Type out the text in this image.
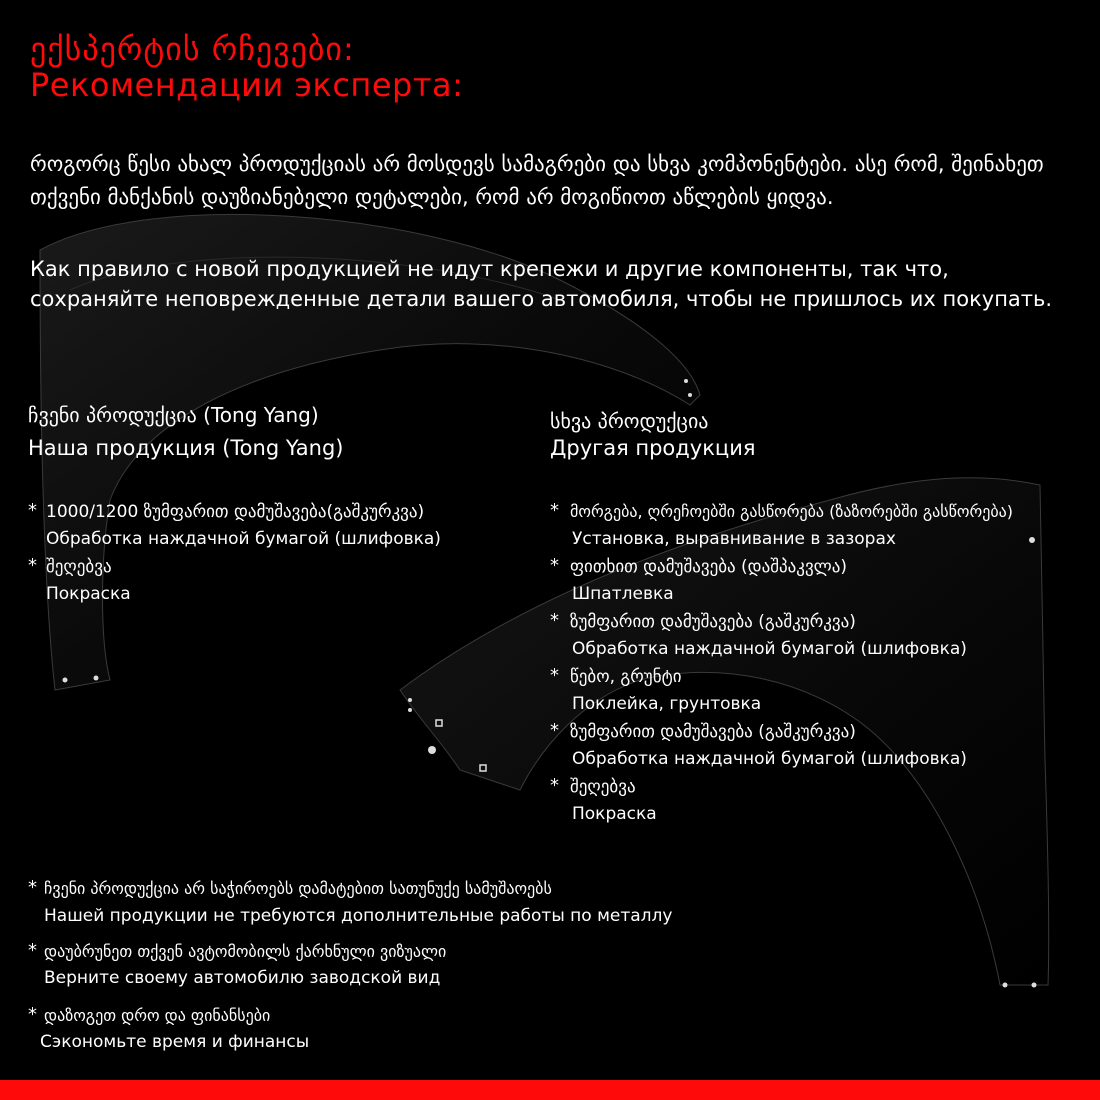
ექსპერტის რჩევები:
Рекомендации эксперта:
როგორც წესი ახალ პროდუქციას არ მოსდევს სამაგრები და სხვა კომპონენტები. ასე რომ, შეინახეთ თქვენი მანქანის დაუზიანებელი დეტალები, რომ არ მოგიწიოთ აწლების ყიდვა.
Как правило с новой продукцией не идут крепежи и другие компоненты, так что, сохраняйте неповрежденные детали вашего автомобиля, чтобы не пришлось их покупать.
ჩვენი პროდუქცია (Tong Yang)
Наша продукция (Tong Yang)
* 1000/1200 ზუმფარით დამუშავება(გაშკურკვა)
Обработка наждачной бумагой (шлифовка)
* შეღებვა
Покраска
სხვა პროდუქცია
Другая продукция
* მორგება, ღრეჩოებში გასწორება (ზაზორებში გასწორება)
Установка, выравнивание в зазорах
* ფითხით დამუშავება (დაშპაკვლა)
Шпатлевка
* ზუმფარით დამუშავება (გაშკურკვა)
Обработка наждачной бумагой (шлифовка)
* წებო, გრუნტი
Поклейка, грунтовка
* ზუმფარით დამუშავება (გაშკურკვა)
Обработка наждачной бумагой (шлифовка)
* შეღებვა
Покраска
* ჩვენი პროდუქცია არ საჭიროებს დამატებით სათუნუქე სამუშაოებს
Нашей продукции не требуются дополнительные работы по металлу
* დაუბრუნეთ თქვენ ავტომობილს ქარხნული ვიზუალი
Верните своему автомобилю заводской вид
* დაზოგეთ დრო და ფინანსები
Сэкономьте время и финансы
